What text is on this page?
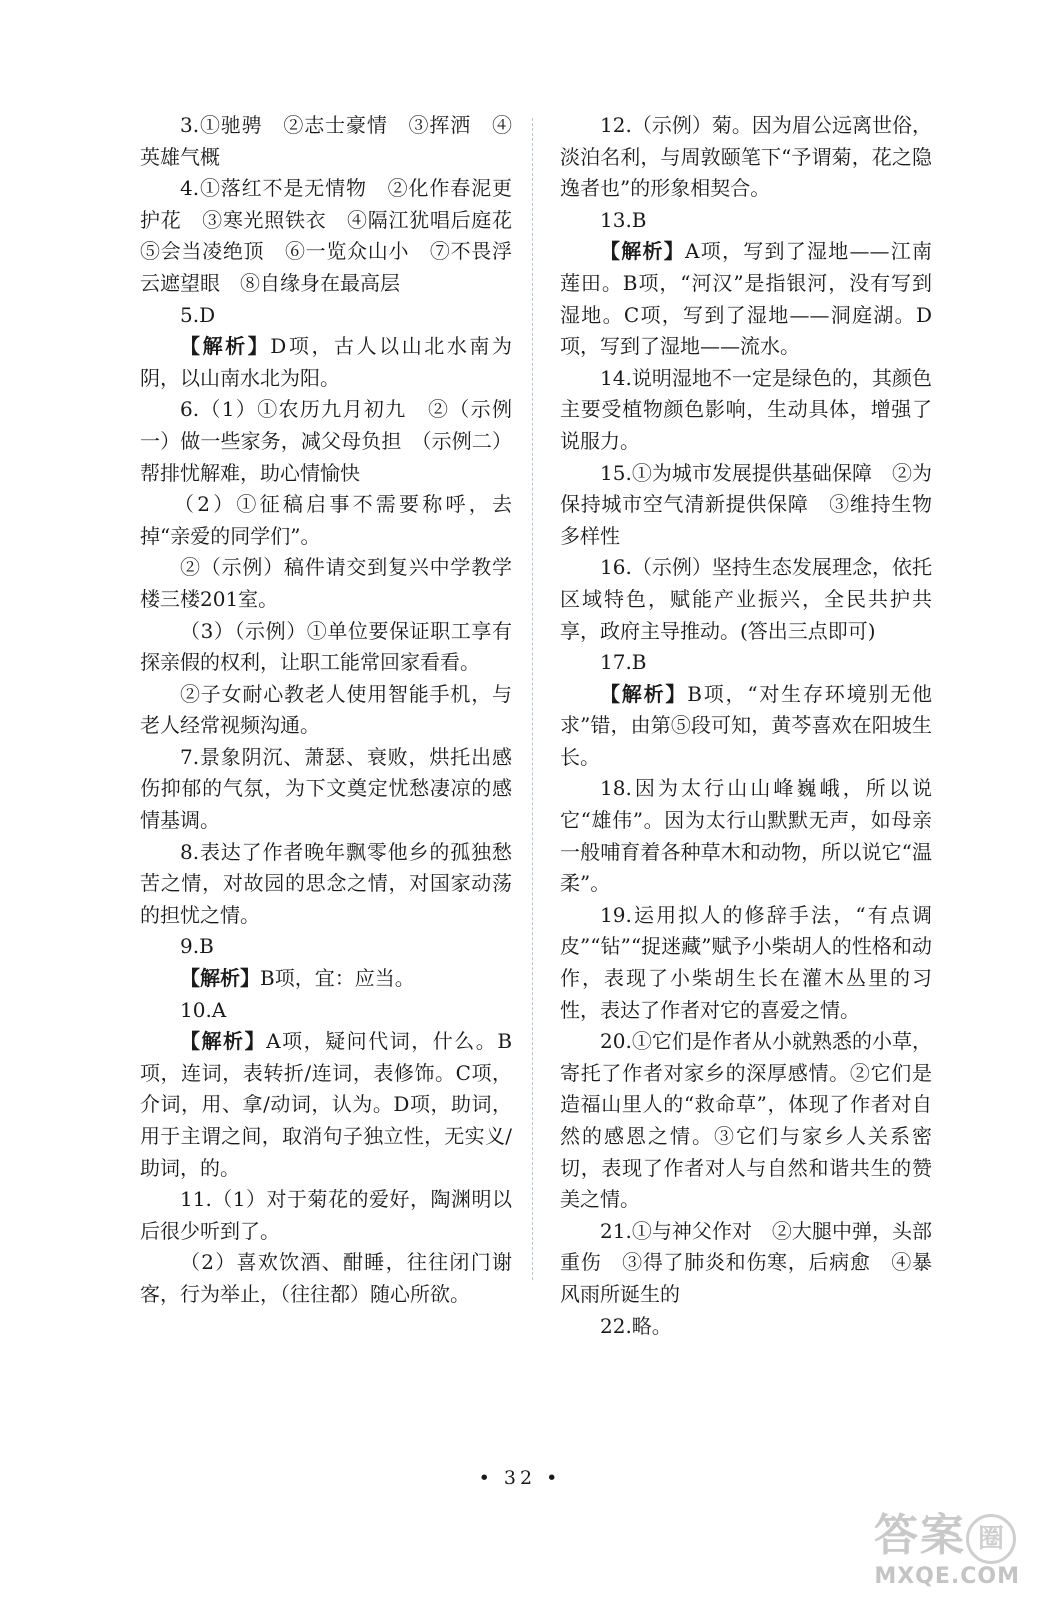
3.①驰骋　②志士豪情　③挥洒　④英雄气概

4.①落红不是无情物　②化作春泥更护花　③寒光照铁衣　④隔江犹唱后庭花　⑤会当凌绝顶　⑥一览众山小　⑦不畏浮云遮望眼　⑧自缘身在最高层

5.D

【解析】D项，古人以山北水南为阴，以山南水北为阳。

6.（1）①农历九月初九　②（示例一）做一些家务，减父母负担　（示例二）帮排忧解难，助心情愉快

（2）①征稿启事不需要称呼，去掉“亲爱的同学们”。

②（示例）稿件请交到复兴中学教学楼三楼201室。

（3）（示例）①单位要保证职工享有探亲假的权利，让职工能常回家看看。

②子女耐心教老人使用智能手机，与老人经常视频沟通。

7.景象阴沉、萧瑟、衰败，烘托出感伤抑郁的气氛，为下文奠定忧愁凄凉的感情基调。

8.表达了作者晚年飘零他乡的孤独愁苦之情，对故园的思念之情，对国家动荡的担忧之情。

9.B

【解析】B项，宜：应当。

10.A

【解析】A项，疑问代词，什么。B项，连词，表转折/连词，表修饰。C项，介词，用、拿/动词，认为。D项，助词，用于主谓之间，取消句子独立性，无实义/助词，的。

11.（1）对于菊花的爱好，陶渊明以后很少听到了。

（2）喜欢饮酒、酣睡，往往闭门谢客，行为举止，（往往都）随心所欲。

12.（示例）菊。因为眉公远离世俗，淡泊名利，与周敦颐笔下“予谓菊，花之隐逸者也”的形象相契合。

13.B

【解析】A项，写到了湿地——江南莲田。B项，“河汉”是指银河，没有写到湿地。C项，写到了湿地——洞庭湖。D项，写到了湿地——流水。

14.说明湿地不一定是绿色的，其颜色主要受植物颜色影响，生动具体，增强了说服力。

15.①为城市发展提供基础保障　②为保持城市空气清新提供保障　③维持生物多样性

16.（示例）坚持生态发展理念，依托区域特色，赋能产业振兴，全民共护共享，政府主导推动。(答出三点即可)

17.B

【解析】B项，“对生存环境别无他求”错，由第⑤段可知，黄芩喜欢在阳坡生长。

18.因为太行山山峰巍峨，所以说它“雄伟”。因为太行山默默无声，如母亲一般哺育着各种草木和动物，所以说它“温柔”。

19.运用拟人的修辞手法，“有点调皮”“钻”“捉迷藏”赋予小柴胡人的性格和动作，表现了小柴胡生长在灌木丛里的习性，表达了作者对它的喜爱之情。

20.①它们是作者从小就熟悉的小草，寄托了作者对家乡的深厚感情。②它们是造福山里人的“救命草”，体现了作者对自然的感恩之情。③它们与家乡人关系密切，表现了作者对人与自然和谐共生的赞美之情。

21.①与神父作对　②大腿中弹，头部重伤　③得了肺炎和伤寒，后病愈　④暴风雨所诞生的

22.略。

• 32 •
答案 圈
MXQE.COM
